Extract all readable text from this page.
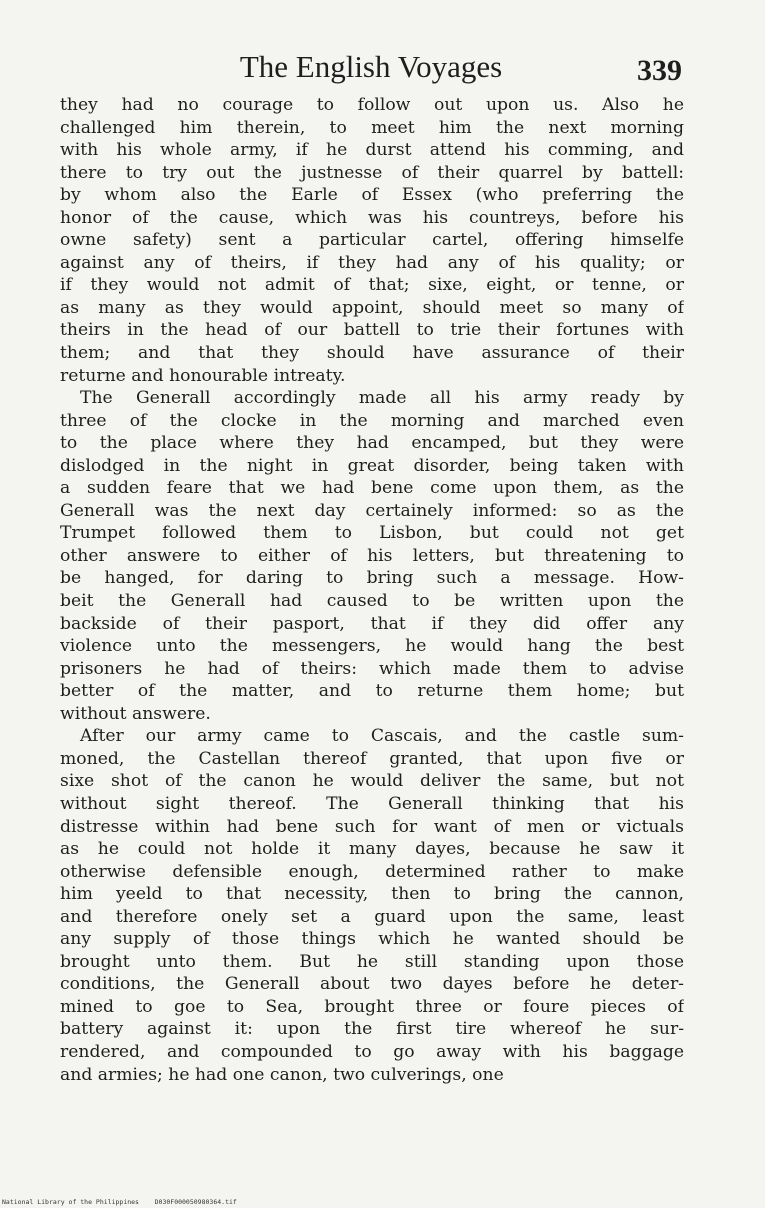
The English Voyages	339
they had no courage to follow out upon us. Also he
challenged him therein, to meet him the next morning
with his whole army, if he durst attend his comming, and
there to try out the justnesse of their quarrel by battell:
by whom also the Earle of Essex (who preferring the
honor of the cause, which was his countreys, before his
owne safety) sent a particular cartel, offering himselfe
against any of theirs, if they had any of his quality; or
if they would not admit of that; sixe, eight, or tenne, or
as many as they would appoint, should meet so many of
theirs in the head of our battell to trie their fortunes with
them; and that they should have assurance of their
returne and honourable intreaty.
The Generall accordingly made all his army ready by
three of the clocke in the morning and marched even
to the place where they had encamped, but they were
dislodged in the night in great disorder, being taken with
a sudden feare that we had bene come upon them, as the
Generall was the next day certainely informed: so as the
Trumpet followed them to Lisbon, but could not get
other answere to either of his letters, but threatening to
be hanged, for daring to bring such a message. How-
beit the Generall had caused to be written upon the
backside of their pasport, that if they did offer any
violence unto the messengers, he would hang the best
prisoners he had of theirs: which made them to advise
better of the matter, and to returne them home; but
without answere.
After our army came to Cascais, and the castle sum-
moned, the Castellan thereof granted, that upon five or
sixe shot of the canon he would deliver the same, but not
without sight thereof. The Generall thinking that his
distresse within had bene such for want of men or victuals
as he could not holde it many dayes, because he saw it
otherwise defensible enough, determined rather to make
him yeeld to that necessity, then to bring the cannon,
and therefore onely set a guard upon the same, least
any supply of those things which he wanted should be
brought unto them. But he still standing upon those
conditions, the Generall about two dayes before he deter-
mined to goe to Sea, brought three or foure pieces of
battery against it: upon the first tire whereof he sur-
rendered, and compounded to go away with his baggage
and armies; he had one canon, two culverings, one
National Library of the Philippines D030F000050980364.tif
